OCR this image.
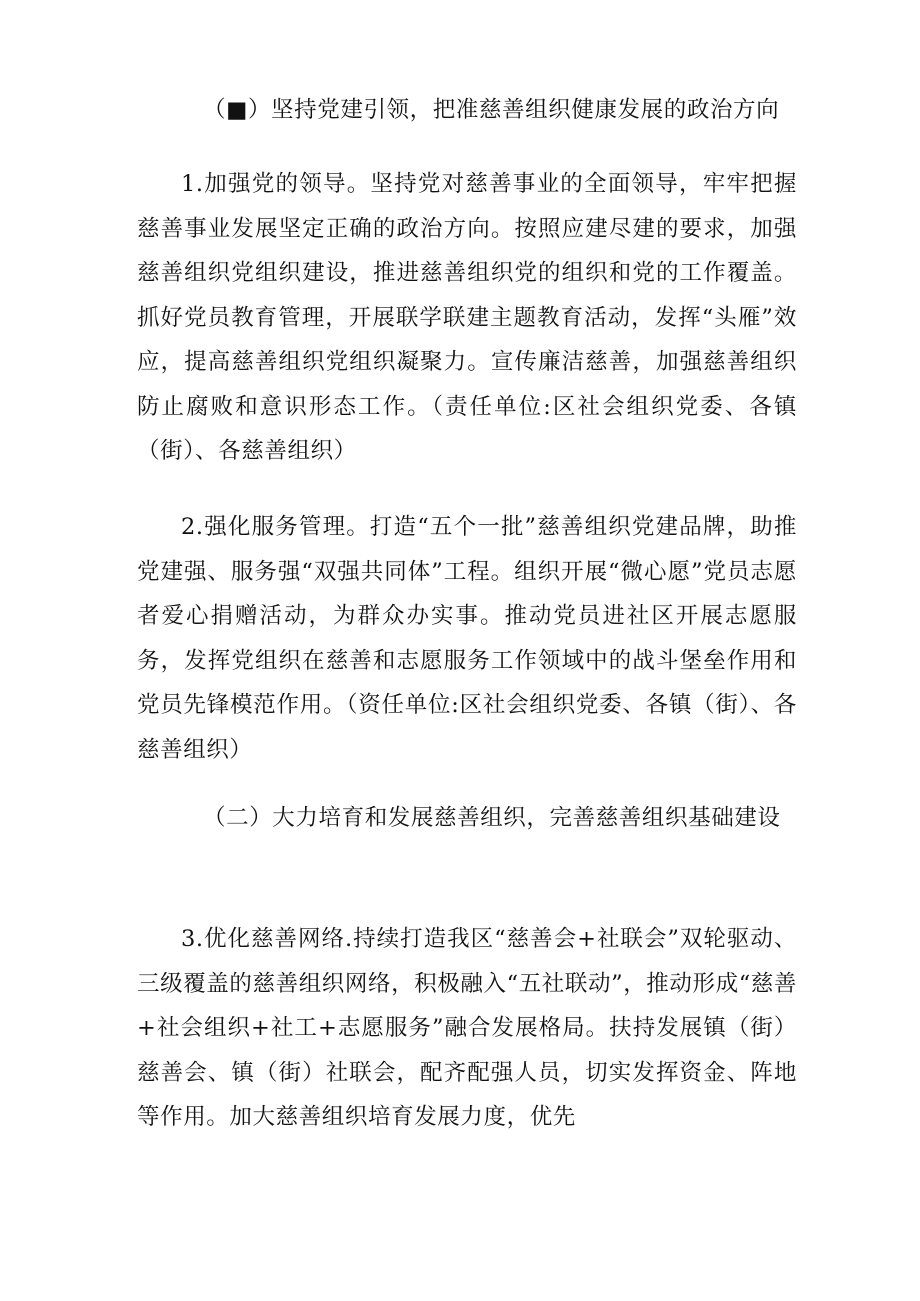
（■）坚持党建引领，把准慈善组织健康发展的政治方向

1.加强党的领导。坚持党对慈善事业的全面领导，牢牢把握慈善事业发展坚定正确的政治方向。按照应建尽建的要求，加强慈善组织党组织建设，推进慈善组织党的组织和党的工作覆盖。抓好党员教育管理，开展联学联建主题教育活动，发挥“头雁”效应，提高慈善组织党组织凝聚力。宣传廉洁慈善，加强慈善组织防止腐败和意识形态工作。（责任单位:区社会组织党委、各镇（街）、各慈善组织）

2.强化服务管理。打造“五个一批”慈善组织党建品牌，助推党建强、服务强“双强共同体”工程。组织开展“微心愿”党员志愿者爱心捐赠活动，为群众办实事。推动党员进社区开展志愿服务，发挥党组织在慈善和志愿服务工作领域中的战斗堡垒作用和党员先锋模范作用。（资任单位:区社会组织党委、各镇（街）、各慈善组织）

（二）大力培育和发展慈善组织，完善慈善组织基础建设

3.优化慈善网络.持续打造我区“慈善会+社联会”双轮驱动、三级覆盖的慈善组织网络，积极融入“五社联动”，推动形成“慈善+社会组织+社工+志愿服务”融合发展格局。扶持发展镇（街）慈善会、镇（街）社联会，配齐配强人员，切实发挥资金、阵地等作用。加大慈善组织培育发展力度，优先
